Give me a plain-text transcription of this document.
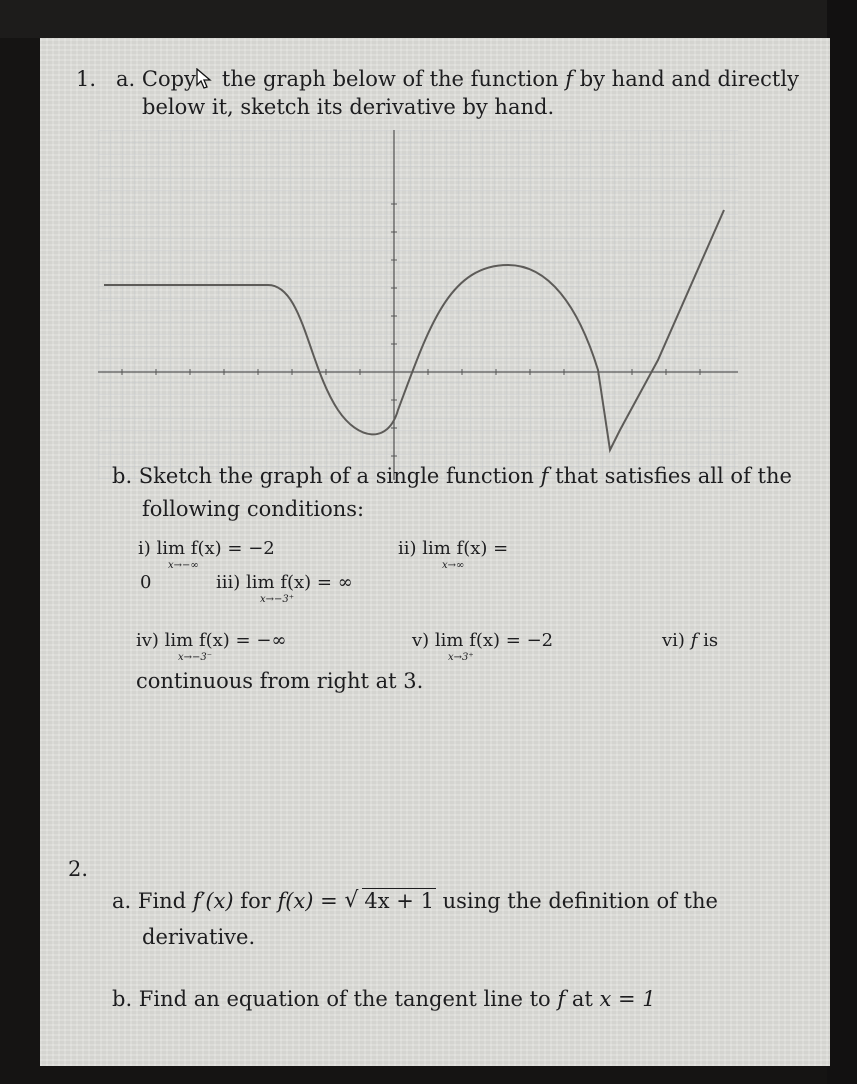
1. a. Copy the graph below of the function f by hand and directly
below it, sketch its derivative by hand.
b. Sketch the graph of a single function f that satisfies all of the
following conditions:
i) lim f(x) = −2
x→−∞
ii) lim f(x) =
x→∞
0	iii) lim f(x) = ∞
x→−3⁺
iv) lim f(x) = −∞
x→−3⁻
v) lim f(x) = −2
x→3⁺
vi) f is
continuous from right at 3.
2.
a. Find f′(x) for f(x) = √ 4x + 1 using the definition of the
derivative.
b. Find an equation of the tangent line to f at x = 1
